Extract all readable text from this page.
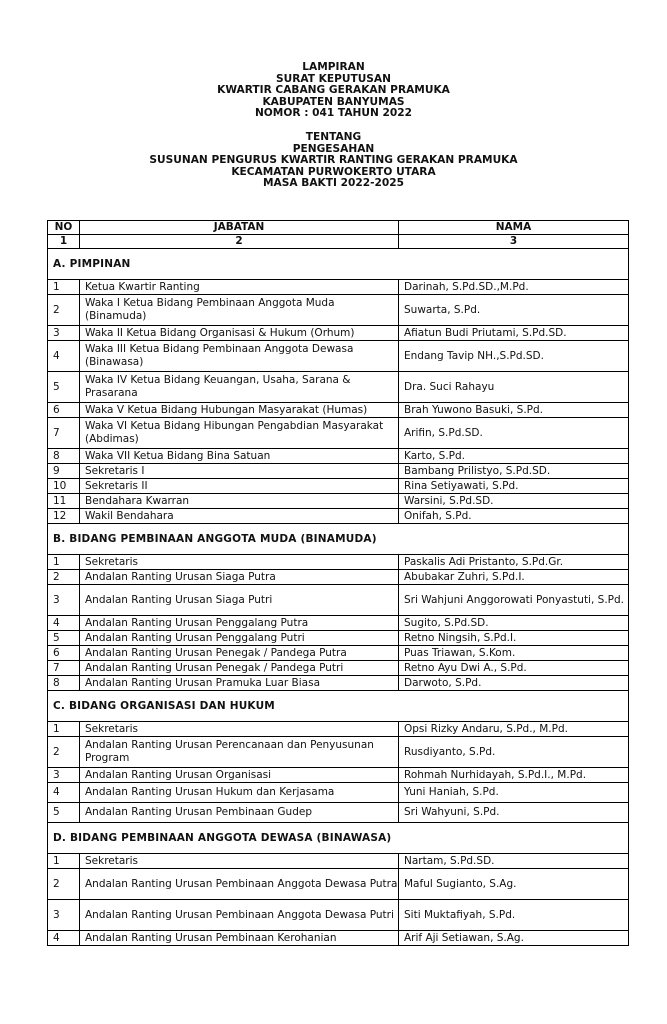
LAMPIRAN
SURAT KEPUTUSAN
KWARTIR CABANG GERAKAN PRAMUKA
KABUPATEN BANYUMAS
NOMOR : 041 TAHUN 2022
TENTANG
PENGESAHAN
SUSUNAN PENGURUS KWARTIR RANTING GERAKAN PRAMUKA
KECAMATAN PURWOKERTO UTARA
MASA BAKTI 2022-2025
NO	JABATAN	NAMA
1	2	3
A. PIMPINAN		
1	Ketua Kwartir Ranting	Darinah, S.Pd.SD.,M.Pd.
2	Waka I Ketua Bidang Pembinaan Anggota Muda (Binamuda)	Suwarta, S.Pd.
3	Waka II Ketua Bidang Organisasi & Hukum (Orhum)	Afiatun Budi Priutami, S.Pd.SD.
4	Waka III Ketua Bidang Pembinaan Anggota Dewasa (Binawasa)	Endang Tavip NH.,S.Pd.SD.
5	Waka IV Ketua Bidang Keuangan, Usaha, Sarana & Prasarana	Dra. Suci Rahayu
6	Waka V Ketua Bidang Hubungan Masyarakat (Humas)	Brah Yuwono Basuki, S.Pd.
7	Waka VI Ketua Bidang Hibungan Pengabdian Masyarakat (Abdimas)	Arifin, S.Pd.SD.
8	Waka VII Ketua Bidang Bina Satuan	Karto, S.Pd.
9	Sekretaris I	Bambang Prilistyo, S.Pd.SD.
10	Sekretaris II	Rina Setiyawati, S.Pd.
11	Bendahara Kwarran	Warsini, S.Pd.SD.
12	Wakil Bendahara	Onifah, S.Pd.
B. BIDANG PEMBINAAN ANGGOTA MUDA (BINAMUDA)		
1	Sekretaris	Paskalis Adi Pristanto, S.Pd.Gr.
2	Andalan Ranting Urusan Siaga Putra	Abubakar Zuhri, S.Pd.I.
3	Andalan Ranting Urusan Siaga Putri	Sri Wahjuni Anggorowati Ponyastuti, S.Pd.
4	Andalan Ranting Urusan Penggalang Putra	Sugito, S.Pd.SD.
5	Andalan Ranting Urusan Penggalang Putri	Retno Ningsih, S.Pd.I.
6	Andalan Ranting Urusan Penegak / Pandega Putra	Puas Triawan, S.Kom.
7	Andalan Ranting Urusan Penegak / Pandega Putri	Retno Ayu Dwi A., S.Pd.
8	Andalan Ranting Urusan Pramuka Luar Biasa	Darwoto, S.Pd.
C. BIDANG ORGANISASI DAN HUKUM		
1	Sekretaris	Opsi Rizky Andaru, S.Pd., M.Pd.
2	Andalan Ranting Urusan Perencanaan dan Penyusunan Program	Rusdiyanto, S.Pd.
3	Andalan Ranting Urusan Organisasi	Rohmah Nurhidayah, S.Pd.I., M.Pd.
4	Andalan Ranting Urusan Hukum dan Kerjasama	Yuni Haniah, S.Pd.
5	Andalan Ranting Urusan Pembinaan Gudep	Sri Wahyuni, S.Pd.
D. BIDANG PEMBINAAN ANGGOTA DEWASA (BINAWASA)		
1	Sekretaris	Nartam, S.Pd.SD.
2	Andalan Ranting Urusan Pembinaan Anggota Dewasa Putra	Maful Sugianto, S.Ag.
3	Andalan Ranting Urusan Pembinaan Anggota Dewasa Putri	Siti Muktafiyah, S.Pd.
4	Andalan Ranting Urusan Pembinaan Kerohanian	Arif Aji Setiawan, S.Ag.
